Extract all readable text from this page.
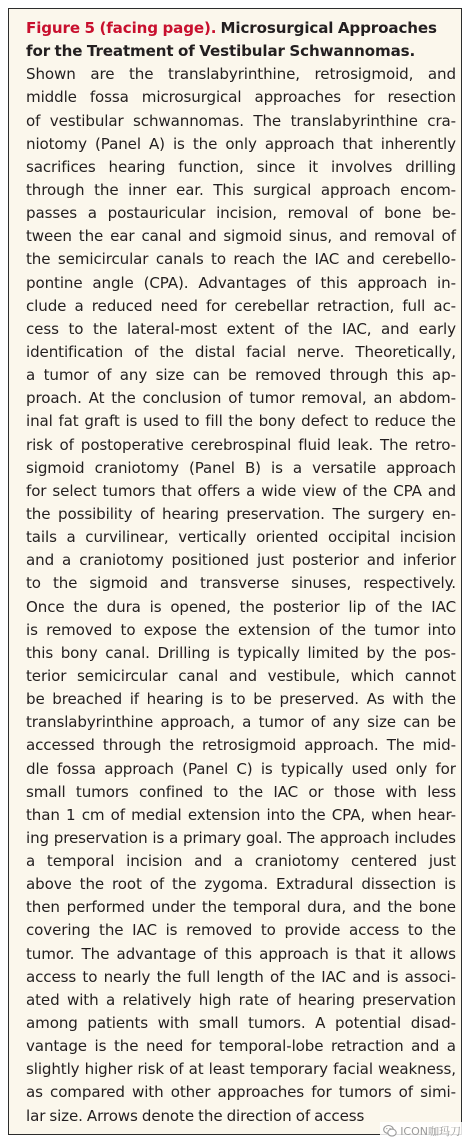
Figure 5 (facing page). Microsurgical Approaches
for the Treatment of Vestibular Schwannomas.
Shown are the translabyrinthine, retrosigmoid, and
middle fossa microsurgical approaches for resection
of vestibular schwannomas. The translabyrinthine cra-
niotomy (Panel A) is the only approach that inherently
sacrifices hearing function, since it involves drilling
through the inner ear. This surgical approach encom-
passes a postauricular incision, removal of bone be-
tween the ear canal and sigmoid sinus, and removal of
the semicircular canals to reach the IAC and cerebello-
pontine angle (CPA). Advantages of this approach in-
clude a reduced need for cerebellar retraction, full ac-
cess to the lateral-most extent of the IAC, and early
identification of the distal facial nerve. Theoretically,
a tumor of any size can be removed through this ap-
proach. At the conclusion of tumor removal, an abdom-
inal fat graft is used to fill the bony defect to reduce the
risk of postoperative cerebrospinal fluid leak. The retro-
sigmoid craniotomy (Panel B) is a versatile approach
for select tumors that offers a wide view of the CPA and
the possibility of hearing preservation. The surgery en-
tails a curvilinear, vertically oriented occipital incision
and a craniotomy positioned just posterior and inferior
to the sigmoid and transverse sinuses, respectively.
Once the dura is opened, the posterior lip of the IAC
is removed to expose the extension of the tumor into
this bony canal. Drilling is typically limited by the pos-
terior semicircular canal and vestibule, which cannot
be breached if hearing is to be preserved. As with the
translabyrinthine approach, a tumor of any size can be
accessed through the retrosigmoid approach. The mid-
dle fossa approach (Panel C) is typically used only for
small tumors confined to the IAC or those with less
than 1 cm of medial extension into the CPA, when hear-
ing preservation is a primary goal. The approach includes
a temporal incision and a craniotomy centered just
above the root of the zygoma. Extradural dissection is
then performed under the temporal dura, and the bone
covering the IAC is removed to provide access to the
tumor. The advantage of this approach is that it allows
access to nearly the full length of the IAC and is associ-
ated with a relatively high rate of hearing preservation
among patients with small tumors. A potential disad-
vantage is the need for temporal-lobe retraction and a
slightly higher risk of at least temporary facial weakness,
as compared with other approaches for tumors of simi-
lar size. Arrows denote the direction of access
ICON咖玛刀
